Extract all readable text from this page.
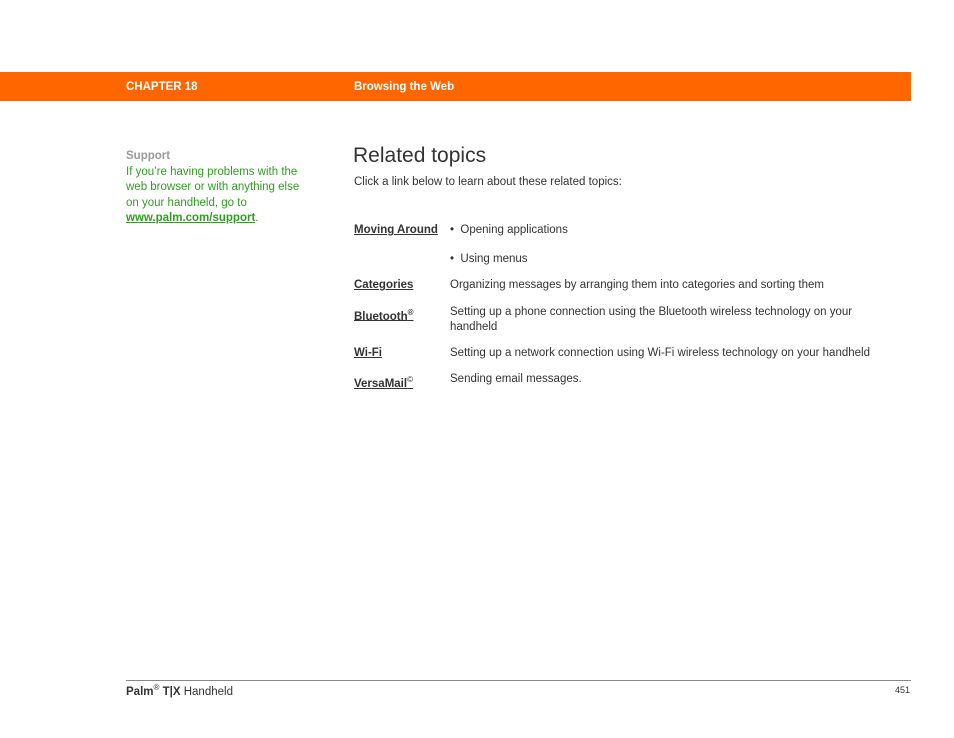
CHAPTER 18	Browsing the Web
Support
If you’re having problems with the web browser or with anything else on your handheld, go to www.palm.com/support.
Related topics
Click a link below to learn about these related topics:
Moving Around	•  Opening applications
•  Using menus
Categories	Organizing messages by arranging them into categories and sorting them
Bluetooth®	Setting up a phone connection using the Bluetooth wireless technology on your handheld
Wi-Fi	Setting up a network connection using Wi-Fi wireless technology on your handheld
VersaMail©	Sending email messages.
Palm® T|X Handheld	451
